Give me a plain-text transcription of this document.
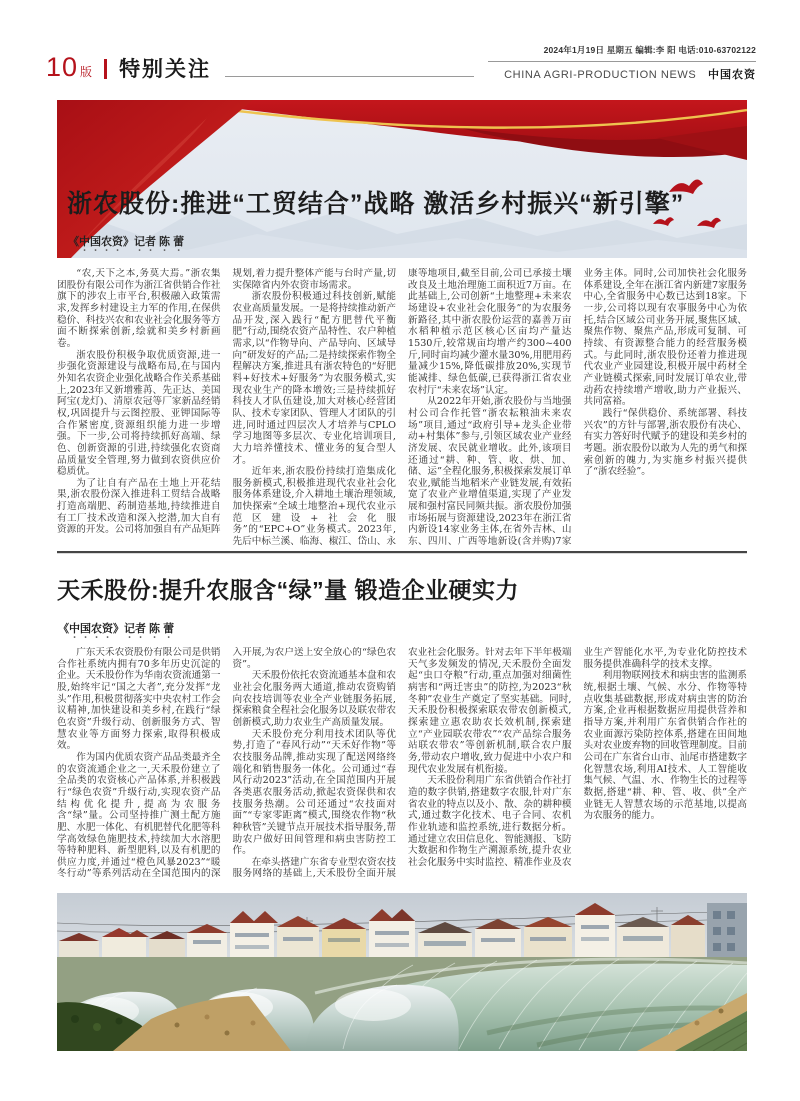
10 版 特别关注
2024年1月19日 星期五 编辑:李 阳 电话:010-63702122
CHINA AGRI-PRODUCTION NEWS 中国农资
浙农股份:推进“工贸结合”战略 激活乡村振兴“新引擎”
《中国农资》记者 陈 蕾

“农,天下之本,务莫大焉。”浙农集团股份有限公司作为浙江省供销合作社旗下的涉农上市平台,积极融入政策需求,发挥乡村建设主力军的作用,在保供稳价、科技兴农和农业社会化服务等方面不断探索创新,绘就和美乡村新画卷。

浙农股份积极争取优质资源,进一步强化资源建设与战略布局,在与国内外知名农资企业强化战略合作关系基础上,2023年又新增雅苒、先正达、美国阿宝(龙灯)、清原农冠等厂家新品经销权,巩固提升与云图控股、亚钾国际等合作紧密度,资源组织能力进一步增强。下一步,公司将持续抓好高端、绿色、创新资源的引进,持续强化农资商品质量安全管理,努力做到农资供应价稳质优。

为了让自有产品在土地上开花结果,浙农股份深入推进科工贸结合战略打造高端肥、药制造基地,持续推进自有工厂技术改造和深入挖潜,加大自有资源的开发。公司将加强自有产品矩阵规划,着力提升整体产能与台时产量,切实保障省内外农资市场需求。

浙农股份积极通过科技创新,赋能农业高质量发展。一是将持续推动新产品开发,深入践行“配方肥替代平衡肥”行动,围绕农资产品特性、农户种植需求,以“作物导向、产品导向、区域导向”研发好的产品;二是持续探索作物全程解决方案,推进具有浙农特色的“好肥料+好技术+好服务”为农服务模式,实现农业生产的降本增效;三是持续抓好科技人才队伍建设,加大对核心经营团队、技术专家团队、管理人才团队的引进,同时通过四层次人才培养与CPLO学习地图等多层次、专业化培训项目,大力培养懂技术、懂业务的复合型人才。

近年来,浙农股份持续打造集成化服务新模式,积极推进现代农业社会化服务体系建设,介入耕地土壤治理领域,加快探索“全域土地整治+现代农业示范区建设+社会化服务”的“EPC+O”业务模式。2023年,先后中标兰溪、临海、椒江、岱山、永康等地项目,截至目前,公司已承接土壤改良及土地治理施工面积近7万亩。在此基础上,公司创新“土地整理+未来农场建设+农业社会化服务”的为农服务新路径,其中浙农股份运营的嘉善万亩水稻种植示范区核心区亩均产量达1530斤,较常规亩均增产约300~400斤,同时亩均减少灌水量30%,用肥用药量减少15%,降低碳排放20%,实现节能减排、绿色低碳,已获得浙江省农业农村厅“未来农场”认定。

从2022年开始,浙农股份与当地强村公司合作托管“浙农耘粮油未来农场”项目,通过“政府引导+龙头企业带动+村集体”参与,引领区域农业产业经济发展、农民就业增收。此外,该项目还通过“耕、种、管、收、烘、加、储、运”全程化服务,积极探索发展订单农业,赋能当地稻米产业链发展,有效拓宽了农业产业增值渠道,实现了产业发展和强村富民同频共振。浙农股份加强市场拓展与资源建设,2023年在浙江省内新设14家业务主体,在省外吉林、山东、四川、广西等地新设(含并购)7家业务主体。同时,公司加快社会化服务体系建设,全年在浙江省内新建7家服务中心,全省服务中心数已达到18家。下一步,公司将以现有农事服务中心为依托,结合区域公司业务开展,聚焦区域、聚焦作物、聚焦产品,形成可复制、可持续、有资源整合能力的经营服务模式。与此同时,浙农股份还着力推进现代农业产业园建设,积极开展中药材全产业链模式探索,同时发展订单农业,带动药农持续增产增收,助力产业振兴、共同富裕。

践行“保供稳价、系统部署、科技兴农”的方针与部署,浙农股份有决心、有实力答好时代赋予的建设和美乡村的考题。浙农股份以敢为人先的勇气和探索创新的魄力,为实施乡村振兴提供了“浙农经验”。

天禾股份:提升农服含“绿”量 锻造企业硬实力
《中国农资》记者 陈 蕾

广东天禾农资股份有限公司是供销合作社系统内拥有70多年历史沉淀的企业。天禾股份作为华南农资流通第一股,始终牢记“国之大者”,充分发挥“龙头”作用,积极贯彻落实中央农村工作会议精神,加快建设和美乡村,在践行“绿色农资”升级行动、创新服务方式、智慧农业等方面努力探索,取得积极成效。

作为国内优质农资产品品类最齐全的农资流通企业之一,天禾股份建立了全品类的农资核心产品体系,并积极践行“绿色农资”升级行动,实现农资产品结构优化提升,提高为农服务含“绿”量。公司坚持推广测土配方施肥、水肥一体化、有机肥替代化肥等科学高效绿色施肥技术,持续加大水溶肥等特种肥料、新型肥料,以及有机肥的供应力度,并通过“橙色风暴2023”“暖冬行动”等系列活动在全国范围内的深入开展,为农户送上安全放心的“绿色农资”。

天禾股份依托农资流通基本盘和农业社会化服务两大通道,推动农资购销向农技培训等农业全产业链服务拓展,探索粮食全程社会化服务以及联农带农创新模式,助力农业生产高质量发展。

天禾股份充分利用技术团队等优势,打造了“春风行动”“天禾好作物”等农技服务品牌,推动实现了配送网络终端化和销售服务一体化。公司通过“春风行动2023”活动,在全国范围内开展各类惠农服务活动,掀起农资保供和农技服务热潮。公司还通过“农技面对面”“专家零距离”模式,围绕农作物“秋种秋管”关键节点开展技术指导服务,帮助农户做好田间管理和病虫害防控工作。

在牵头搭建广东省专业型农资农技服务网络的基础上,天禾股份全面开展农业社会化服务。针对去年下半年极端天气多发频发的情况,天禾股份全面发起“虫口夺粮”行动,重点加强对细菌性病害和“两迁害虫”的防控,为2023“秋冬种”农业生产奠定了坚实基础。同时,天禾股份积极探索联农带农创新模式,探索建立惠农助农长效机制,探索建立“产业园联农带农”“农产品综合服务站联农带农”等创新机制,联合农户服务,带动农户增收,致力促进中小农户和现代农业发展有机衔接。

天禾股份利用广东省供销合作社打造的数字供销,搭建数字农服,针对广东省农业的特点以及小、散、杂的耕种模式,通过数字化技术、电子合同、农机作业轨迹和监控系统,进行数据分析。通过建立农田信息化、智能测报、飞防大数据和作物生产溯源系统,提升农业社会化服务中实时监控、精准作业及农业生产智能化水平,为专业化防控技术服务提供准确科学的技术支撑。

利用物联网技术和病虫害的监测系统,根据土壤、气候、水分、作物等特点收集基础数据,形成对病虫害的防治方案,企业再根据数据应用提供营养和指导方案,并利用广东省供销合作社的农业面源污染防控体系,搭建在田间地头对农业废弃物的回收管理制度。目前公司在广东省台山市、汕尾市搭建数字化智慧农场,利用AI技术、人工智能收集气候、气温、水、作物生长的过程等数据,搭建“耕、种、管、收、供”全产业链无人智慧农场的示范基地,以提高为农服务的能力。
